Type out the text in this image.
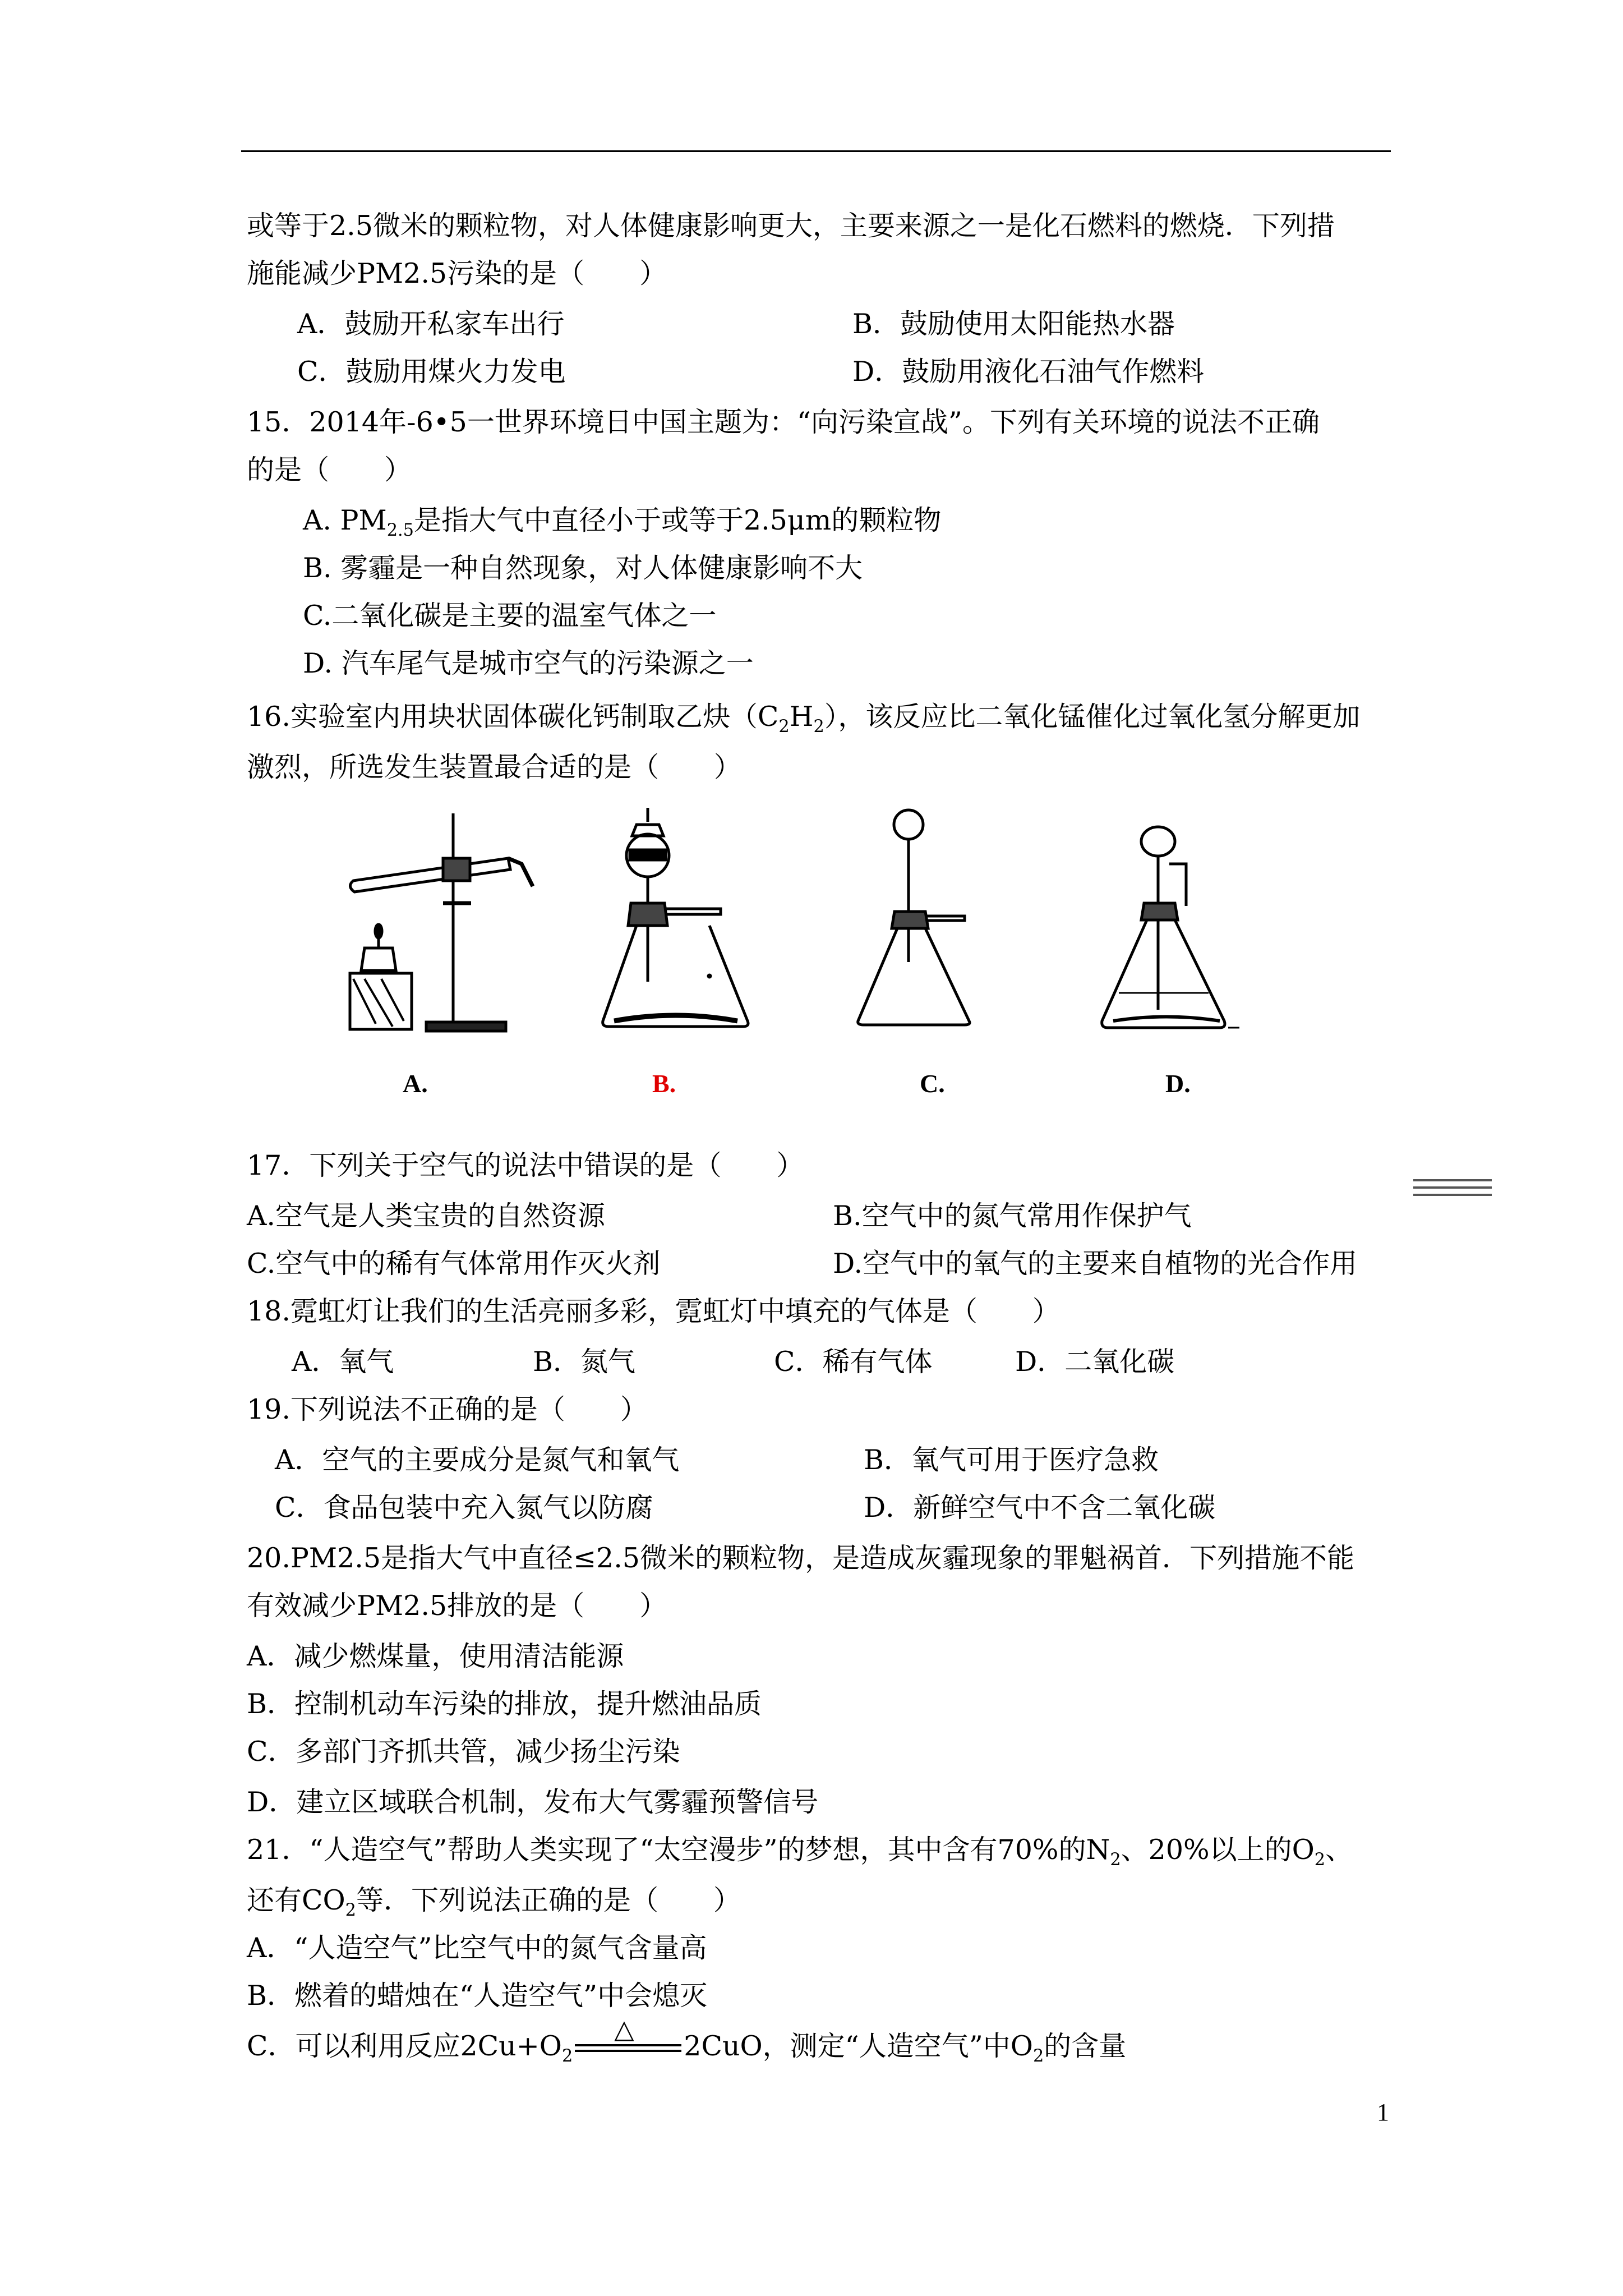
或等于2.5微米的颗粒物，对人体健康影响更大，主要来源之一是化石燃料的燃烧．下列措
施能减少PM2.5污染的是（　　）
A．鼓励开私家车出行	B．鼓励使用太阳能热水器
C．鼓励用煤火力发电	D．鼓励用液化石油气作燃料
15．2014年-6•5一世界环境日中国主题为：“向污染宣战”。下列有关环境的说法不正确
的是（　　）
A. $PM_{2.5}$是指大气中直径小于或等于2.5μm的颗粒物
B. 雾霾是一种自然现象，对人体健康影响不大
C.二氧化碳是主要的温室气体之一
D. 汽车尾气是城市空气的污染源之一
16.实验室内用块状固体碳化钙制取乙炔$(C_2H_2)$，该反应比二氧化锰催化过氧化氢分解更加
激烈，所选发生装置最合适的是（　　）
A.	B.	C.	D.
17．下列关于空气的说法中错误的是（　　）
A.空气是人类宝贵的自然资源	B.空气中的氮气常用作保护气
C.空气中的稀有气体常用作灭火剂	D.空气中的氧气的主要来自植物的光合作用
18.霓虹灯让我们的生活亮丽多彩，霓虹灯中填充的气体是（　　）
A．氧气	B．氮气	C．稀有气体	D．二氧化碳
19.下列说法不正确的是（　　）
A．空气的主要成分是氮气和氧气	B．氧气可用于医疗急救
C．食品包装中充入氮气以防腐	D．新鲜空气中不含二氧化碳
20.PM2.5是指大气中直径≤2.5微米的颗粒物，是造成灰霾现象的罪魁祸首．下列措施不能
有效减少PM2.5排放的是（　　）
A．减少燃煤量，使用清洁能源
B．控制机动车污染的排放，提升燃油品质
C．多部门齐抓共管，减少扬尘污染
D．建立区域联合机制，发布大气雾霾预警信号
21．“人造空气”帮助人类实现了“太空漫步”的梦想，其中含有70%的$N_2$、20%以上的$O_2$、
还有$CO_2$等．下列说法正确的是（　　）
A．“人造空气”比空气中的氮气含量高
B．燃着的蜡烛在“人造空气”中会熄灭
C．可以利用反应$2Cu+O_2$
△
2CuO，测定“人造空气”中$O_2$的含量
1
